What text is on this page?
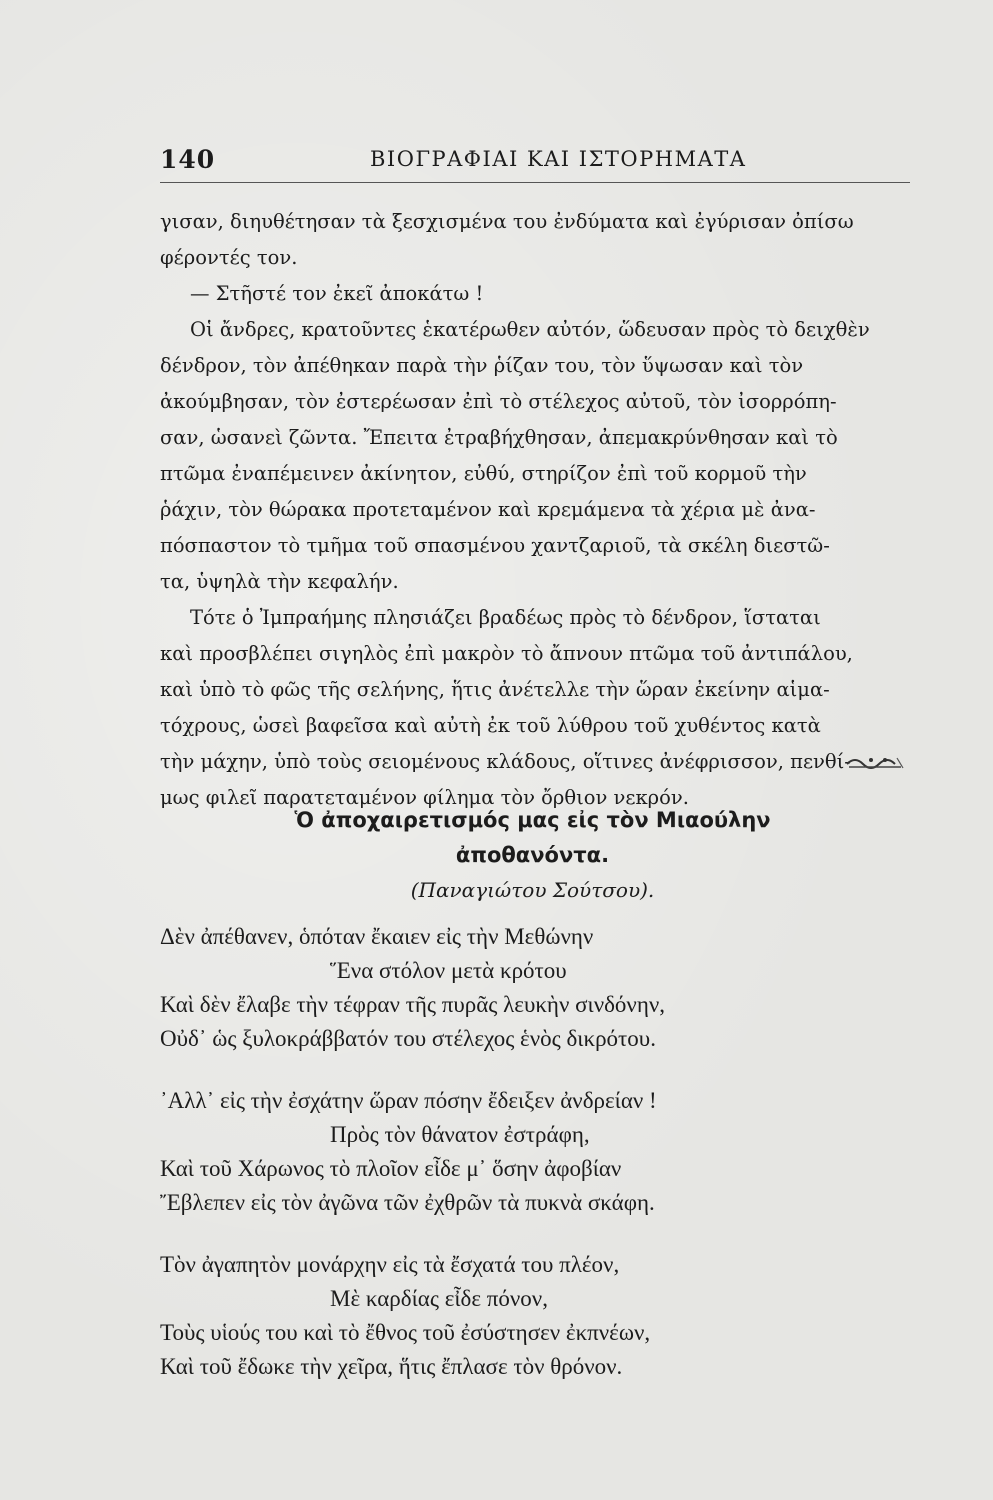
140	ΒΙΟΓΡΑΦΙΑΙ ΚΑΙ ΙΣΤΟΡΗΜΑΤΑ
γισαν, διηυθέτησαν τὰ ξεσχισμένα του ἐνδύματα καὶ ἐγύρισαν ὀπίσω
φέροντές τον.
— Στῆστέ τον ἐκεῖ ἀποκάτω !
Οἱ ἄνδρες, κρατοῦντες ἑκατέρωθεν αὐτόν, ὥδευσαν πρὸς τὸ δειχθὲν
δένδρον, τὸν ἀπέθηκαν παρὰ τὴν ῥίζαν του, τὸν ὕψωσαν καὶ τὸν
ἀκούμβησαν, τὸν ἐστερέωσαν ἐπὶ τὸ στέλεχος αὐτοῦ, τὸν ἰσορρόπη-
σαν, ὡσανεὶ ζῶντα. Ἔπειτα ἐτραβήχθησαν, ἀπεμακρύνθησαν καὶ τὸ
πτῶμα ἐναπέμεινεν ἀκίνητον, εὐθύ, στηρίζον ἐπὶ τοῦ κορμοῦ τὴν
ῥάχιν, τὸν θώρακα προτεταμένον καὶ κρεμάμενα τὰ χέρια μὲ ἀνα-
πόσπαστον τὸ τμῆμα τοῦ σπασμένου χαντζαριοῦ, τὰ σκέλη διεστῶ-
τα, ὑψηλὰ τὴν κεφαλήν.
Τότε ὁ Ἰμπραήμης πλησιάζει βραδέως πρὸς τὸ δένδρον, ἵσταται
καὶ προσβλέπει σιγηλὸς ἐπὶ μακρὸν τὸ ἄπνουν πτῶμα τοῦ ἀντιπάλου,
καὶ ὑπὸ τὸ φῶς τῆς σελήνης, ἥτις ἀνέτελλε τὴν ὥραν ἐκείνην αἱμα-
τόχρους, ὡσεὶ βαφεῖσα καὶ αὐτὴ ἐκ τοῦ λύθρου τοῦ χυθέντος κατὰ
τὴν μάχην, ὑπὸ τοὺς σειομένους κλάδους, οἵτινες ἀνέφρισσον, πενθί-
μως φιλεῖ παρατεταμένον φίλημα τὸν ὄρθιον νεκρόν.
Ὁ ἀποχαιρετισμός μας εἰς τὸν Μιαούλην
ἀποθανόντα.
(Παναγιώτου Σούτσου).
Δὲν ἀπέθανεν, ὁπόταν ἔκαιεν εἰς τὴν Μεθώνην
Ἕνα στόλον μετὰ κρότου
Καὶ δὲν ἔλαβε τὴν τέφραν τῆς πυρᾶς λευκὴν σινδόνην,
Οὐδ᾽ ὡς ξυλοκράββατόν του στέλεχος ἑνὸς δικρότου.
᾽Αλλ᾽ εἰς τὴν ἐσχάτην ὥραν πόσην ἔδειξεν ἀνδρείαν !
Πρὸς τὸν θάνατον ἐστράφη,
Καὶ τοῦ Χάρωνος τὸ πλοῖον εἶδε μ᾽ ὅσην ἀφοβίαν
Ἔβλεπεν εἰς τὸν ἀγῶνα τῶν ἐχθρῶν τὰ πυκνὰ σκάφη.
Τὸν ἀγαπητὸν μονάρχην εἰς τὰ ἔσχατά του πλέον,
Μὲ καρδίας εἶδε πόνον,
Τοὺς υἱούς του καὶ τὸ ἔθνος τοῦ ἐσύστησεν ἐκπνέων,
Καὶ τοῦ ἔδωκε τὴν χεῖρα, ἥτις ἔπλασε τὸν θρόνον.
